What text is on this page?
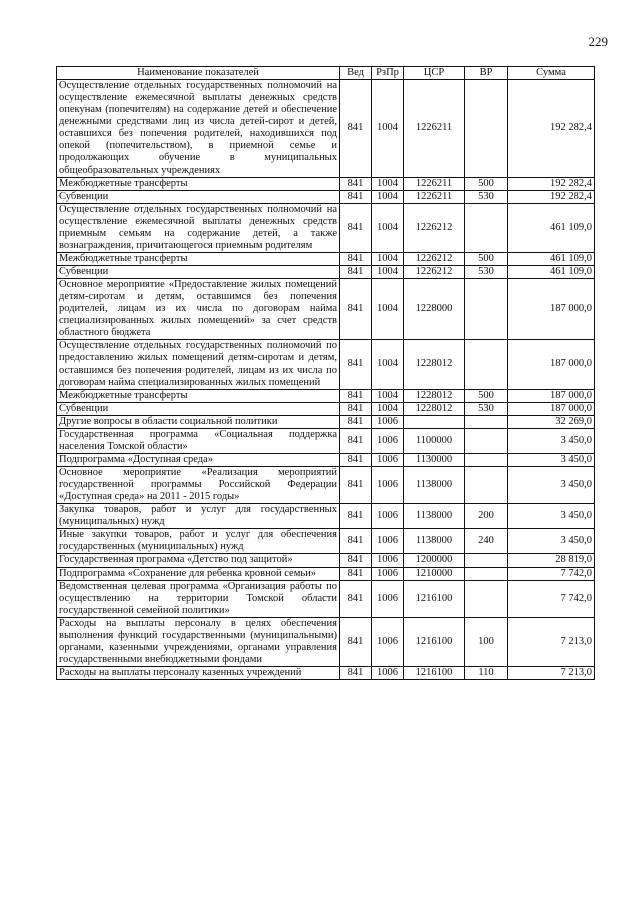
229
Наименование показателей	Вед	РзПр	ЦСР	ВР	Сумма
Осуществление отдельных государственных полномочий на осуществление ежемесячной выплаты денежных средств опекунам (попечителям) на содержание детей и обеспечение денежными средствами лиц из числа детей-сирот и детей, оставшихся без попечения родителей, находившихся под опекой (попечительством), в приемной семье и продолжающих обучение в муниципальных общеобразовательных учреждениях	841	1004	1226211		192 282,4
Межбюджетные трансферты	841	1004	1226211	500	192 282,4
Субвенции	841	1004	1226211	530	192 282,4
Осуществление отдельных государственных полномочий на осуществление ежемесячной выплаты денежных средств приемным семьям на содержание детей, а также вознаграждения, причитающегося приемным родителям	841	1004	1226212		461 109,0
Межбюджетные трансферты	841	1004	1226212	500	461 109,0
Субвенции	841	1004	1226212	530	461 109,0
Основное мероприятие «Предоставление жилых помещений детям-сиротам и детям, оставшимся без попечения родителей, лицам из их числа по договорам найма специализированных жилых помещений» за счет средств областного бюджета	841	1004	1228000		187 000,0
Осуществление отдельных государственных полномочий по предоставлению жилых помещений детям-сиротам и детям, оставшимся без попечения родителей, лицам из их числа по договорам найма специализированных жилых помещений	841	1004	1228012		187 000,0
Межбюджетные трансферты	841	1004	1228012	500	187 000,0
Субвенции	841	1004	1228012	530	187 000,0
Другие вопросы в области социальной политики	841	1006			32 269,0
Государственная программа «Социальная поддержка населения Томской области»	841	1006	1100000		3 450,0
Подпрограмма «Доступная среда»	841	1006	1130000		3 450,0
Основное мероприятие «Реализация мероприятий государственной программы Российской Федерации «Доступная среда» на 2011 - 2015 годы»	841	1006	1138000		3 450,0
Закупка товаров, работ и услуг для государственных (муниципальных) нужд	841	1006	1138000	200	3 450,0
Иные закупки товаров, работ и услуг для обеспечения государственных (муниципальных) нужд	841	1006	1138000	240	3 450,0
Государственная программа «Детство под защитой»	841	1006	1200000		28 819,0
Подпрограмма «Сохранение для ребенка кровной семьи»	841	1006	1210000		7 742,0
Ведомственная целевая программа «Организация работы по осуществлению на территории Томской области государственной семейной политики»	841	1006	1216100		7 742,0
Расходы на выплаты персоналу в целях обеспечения выполнения функций государственными (муниципальными) органами, казенными учреждениями, органами управления государственными внебюджетными фондами	841	1006	1216100	100	7 213,0
Расходы на выплаты персоналу казенных учреждений	841	1006	1216100	110	7 213,0
